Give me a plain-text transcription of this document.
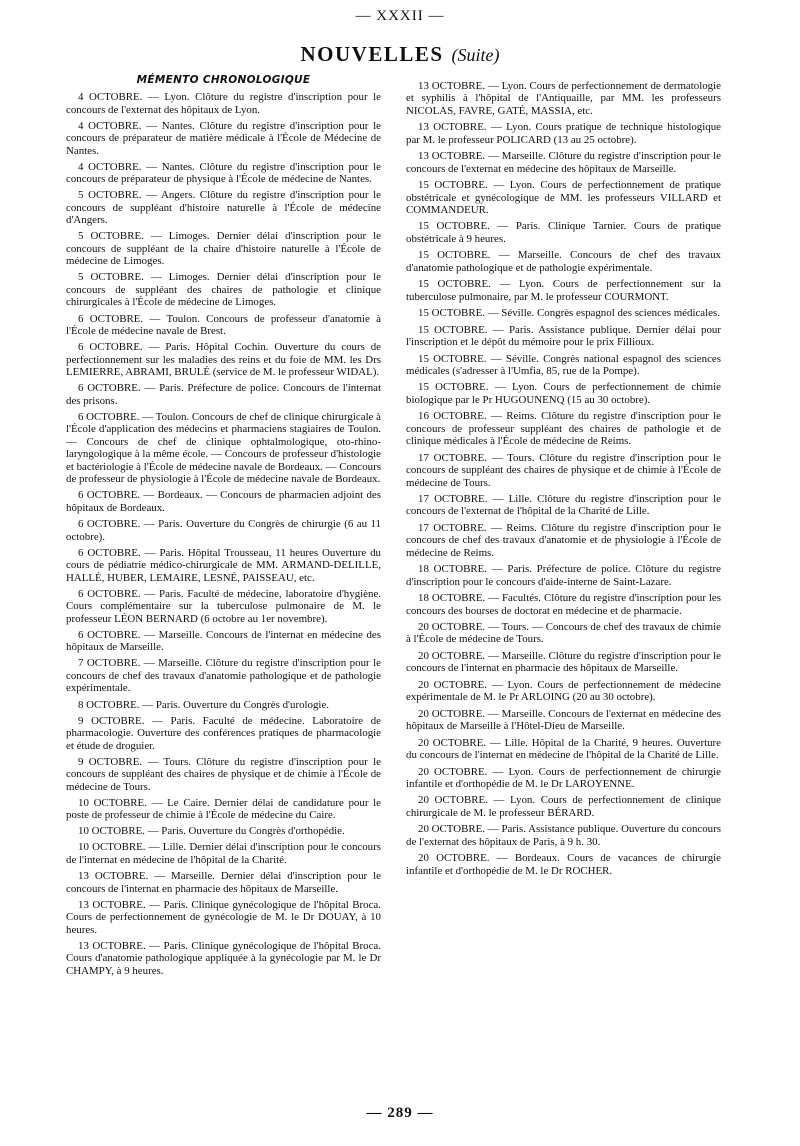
— XXXII —
NOUVELLES (Suite)
MÉMENTO CHRONOLOGIQUE

4 OCTOBRE. — Lyon. Clôture du registre d'inscription pour le concours de l'externat des hôpitaux de Lyon.

4 OCTOBRE. — Nantes. Clôture du registre d'inscription pour le concours de préparateur de matière médicale à l'École de Médecine de Nantes.

4 OCTOBRE. — Nantes. Clôture du registre d'inscription pour le concours de préparateur de physique à l'École de médecine de Nantes.

5 OCTOBRE. — Angers. Clôture du registre d'inscription pour le concours de suppléant d'histoire naturelle à l'École de médecine d'Angers.

5 OCTOBRE. — Limoges. Dernier délai d'inscription pour le concours de suppléant de la chaire d'histoire naturelle à l'École de médecine de Limoges.

5 OCTOBRE. — Limoges. Dernier délai d'inscription pour le concours de suppléant des chaires de pathologie et clinique chirurgicales à l'École de médecine de Limoges.

6 OCTOBRE. — Toulon. Concours de professeur d'anatomie à l'École de médecine navale de Brest.

6 OCTOBRE. — Paris. Hôpital Cochin. Ouverture du cours de perfectionnement sur les maladies des reins et du foie de MM. les Drs LEMIERRE, ABRAMI, BRULÉ (service de M. le professeur WIDAL).

6 OCTOBRE. — Paris. Préfecture de police. Concours de l'internat des prisons.

6 OCTOBRE. — Toulon. Concours de chef de clinique chirurgicale à l'École d'application des médecins et pharmaciens stagiaires de Toulon. — Concours de chef de clinique ophtalmologique, oto-rhino-laryngologique à la même école. — Concours de professeur d'histologie et bactériologie à l'École de médecine navale de Bordeaux. — Concours de professeur de physiologie à l'École de médecine navale de Bordeaux.

6 OCTOBRE. — Bordeaux. — Concours de pharmacien adjoint des hôpitaux de Bordeaux.

6 OCTOBRE. — Paris. Ouverture du Congrès de chirurgie (6 au 11 octobre).

6 OCTOBRE. — Paris. Hôpital Trousseau, 11 heures Ouverture du cours de pédiatrie médico-chirurgicale de MM. ARMAND-DELILLE, HALLÉ, HUBER, LEMAIRE, LESNÉ, PAISSEAU, etc.

6 OCTOBRE. — Paris. Faculté de médecine, laboratoire d'hygiène. Cours complémentaire sur la tuberculose pulmonaire de M. le professeur LÉON BERNARD (6 octobre au 1er novembre).

6 OCTOBRE. — Marseille. Concours de l'internat en médecine des hôpitaux de Marseille.

7 OCTOBRE. — Marseille. Clôture du registre d'inscription pour le concours de chef des travaux d'anatomie pathologique et de pathologie expérimentale.

8 OCTOBRE. — Paris. Ouverture du Congrès d'urologie.

9 OCTOBRE. — Paris. Faculté de médecine. Laboratoire de pharmacologie. Ouverture des conférences pratiques de pharmacologie et étude de droguier.

9 OCTOBRE. — Tours. Clôture du registre d'inscription pour le concours de suppléant des chaires de physique et de chimie à l'École de médecine de Tours.

10 OCTOBRE. — Le Caire. Dernier délai de candidature pour le poste de professeur de chimie à l'École de médecine du Caire.

10 OCTOBRE. — Paris. Ouverture du Congrès d'orthopédie.

10 OCTOBRE. — Lille. Dernier délai d'inscription pour le concours de l'internat en médecine de l'hôpital de la Charité.

13 OCTOBRE. — Marseille. Dernier délai d'inscription pour le concours de l'internat en pharmacie des hôpitaux de Marseille.

13 OCTOBRE. — Paris. Clinique gynécologique de l'hôpital Broca. Cours de perfectionnement de gynécologie de M. le Dr DOUAY, à 10 heures.

13 OCTOBRE. — Paris. Clinique gynécologique de l'hôpital Broca. Cours d'anatomie pathologique appliquée à la gynécologie par M. le Dr CHAMPY, à 9 heures.

13 OCTOBRE. — Lyon. Cours de perfectionnement de dermatologie et syphilis à l'hôpital de l'Antiquaille, par MM. les professeurs NICOLAS, FAVRE, GATÉ, MASSIA, etc.

13 OCTOBRE. — Lyon. Cours pratique de technique histologique par M. le professeur POLICARD (13 au 25 octobre).

13 OCTOBRE. — Marseille. Clôture du registre d'inscription pour le concours de l'externat en médecine des hôpitaux de Marseille.

15 OCTOBRE. — Lyon. Cours de perfectionnement de pratique obstétricale et gynécologique de MM. les professeurs VILLARD et COMMANDEUR.

15 OCTOBRE. — Paris. Clinique Tarnier. Cours de pratique obstétricale à 9 heures.

15 OCTOBRE. — Marseille. Concours de chef des travaux d'anatomie pathologique et de pathologie expérimentale.

15 OCTOBRE. — Lyon. Cours de perfectionnement sur la tuberculose pulmonaire, par M. le professeur COURMONT.

15 OCTOBRE. — Séville. Congrès espagnol des sciences médicales.

15 OCTOBRE. — Paris. Assistance publique. Dernier délai pour l'inscription et le dépôt du mémoire pour le prix Fillioux.

15 OCTOBRE. — Séville. Congrès national espagnol des sciences médicales (s'adresser à l'Umfia, 85, rue de la Pompe).

15 OCTOBRE. — Lyon. Cours de perfectionnement de chimie biologique par le Pr HUGOUNENQ (15 au 30 octobre).

16 OCTOBRE. — Reims. Clôture du registre d'inscription pour le concours de professeur suppléant des chaires de pathologie et de clinique médicales à l'École de médecine de Reims.

17 OCTOBRE. — Tours. Clôture du registre d'inscription pour le concours de suppléant des chaires de physique et de chimie à l'École de médecine de Tours.

17 OCTOBRE. — Lille. Clôture du registre d'inscription pour le concours de l'externat de l'hôpital de la Charité de Lille.

17 OCTOBRE. — Reims. Clôture du registre d'inscription pour le concours de chef des travaux d'anatomie et de physiologie à l'École de médecine de Reims.

18 OCTOBRE. — Paris. Préfecture de police. Clôture du registre d'inscription pour le concours d'aide-interne de Saint-Lazare.

18 OCTOBRE. — Facultés. Clôture du registre d'inscription pour les concours des bourses de doctorat en médecine et de pharmacie.

20 OCTOBRE. — Tours. — Concours de chef des travaux de chimie à l'École de médecine de Tours.

20 OCTOBRE. — Marseille. Clôture du registre d'inscription pour le concours de l'internat en pharmacie des hôpitaux de Marseille.

20 OCTOBRE. — Lyon. Cours de perfectionnement de médecine expérimentale de M. le Pr ARLOING (20 au 30 octobre).

20 OCTOBRE. — Marseille. Concours de l'externat en médecine des hôpitaux de Marseille à l'Hôtel-Dieu de Marseille.

20 OCTOBRE. — Lille. Hôpital de la Charité, 9 heures. Ouverture du concours de l'internat en médecine de l'hôpital de la Charité de Lille.

20 OCTOBRE. — Lyon. Cours de perfectionnement de chirurgie infantile et d'orthopédie de M. le Dr LAROYENNE.

20 OCTOBRE. — Lyon. Cours de perfectionnement de clinique chirurgicale de M. le professeur BÉRARD.

20 OCTOBRE. — Paris. Assistance publique. Ouverture du concours de l'externat des hôpitaux de Paris, à 9 h. 30.

20 OCTOBRE. — Bordeaux. Cours de vacances de chirurgie infantile et d'orthopédie de M. le Dr ROCHER.

— 289 —
